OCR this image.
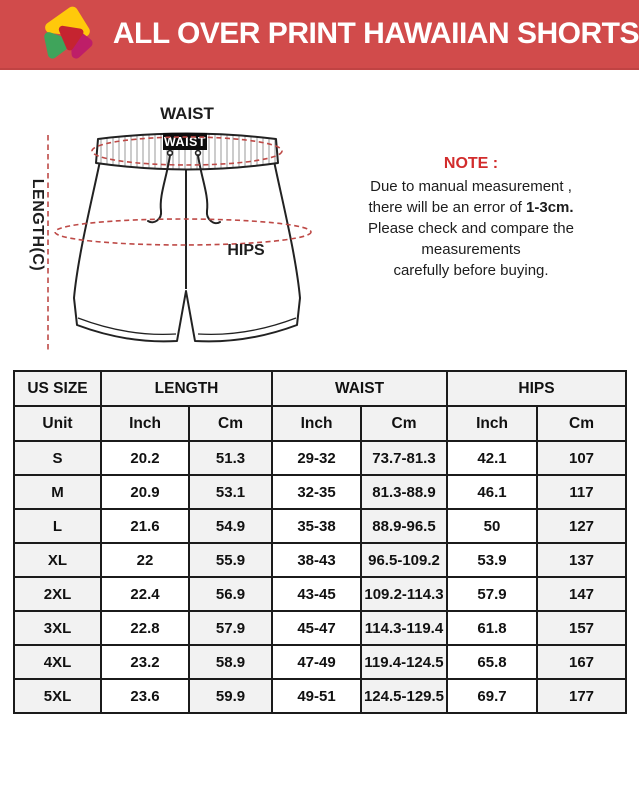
ALL OVER PRINT HAWAIIAN SHORTS
WAIST
WAIST
HIPS
LENGTH(C)
NOTE :
Due to manual measurement ,
there will be an error of 1-3cm.
Please check and compare the measurements
carefully before buying.
US SIZE	LENGTH		WAIST		HIPS	
Unit	Inch	Cm	Inch	Cm	Inch	Cm
S	20.2	51.3	29-32	73.7-81.3	42.1	107
M	20.9	53.1	32-35	81.3-88.9	46.1	117
L	21.6	54.9	35-38	88.9-96.5	50	127
XL	22	55.9	38-43	96.5-109.2	53.9	137
2XL	22.4	56.9	43-45	109.2-114.3	57.9	147
3XL	22.8	57.9	45-47	114.3-119.4	61.8	157
4XL	23.2	58.9	47-49	119.4-124.5	65.8	167
5XL	23.6	59.9	49-51	124.5-129.5	69.7	177
